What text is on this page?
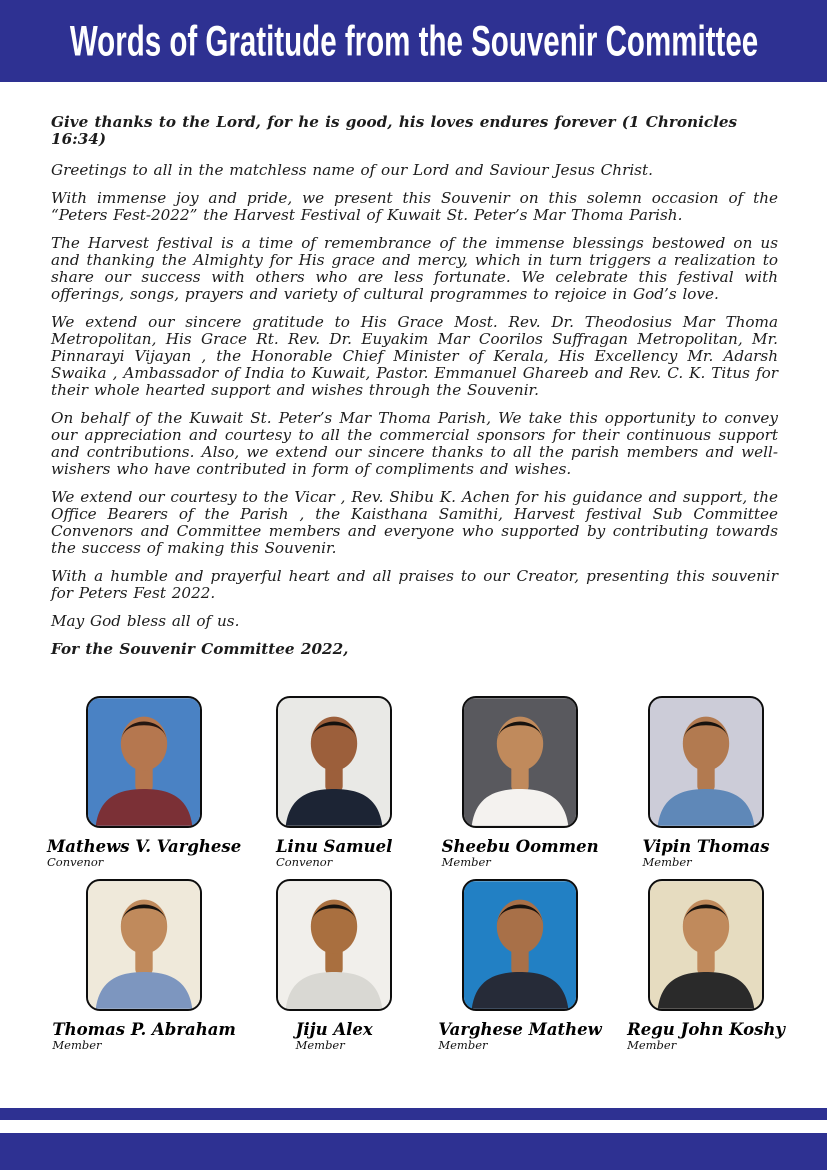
Words of Gratitude from the Souvenir Committee

Give thanks to the Lord, for he is good, his loves endures forever (1 Chronicles 16:34)

Greetings to all in the matchless name of our Lord and Saviour Jesus Christ.

With immense joy and pride, we present this Souvenir on this solemn occasion of the “Peters Fest-2022” the Harvest Festival of Kuwait St. Peter’s Mar Thoma Parish.

The Harvest festival is a time of remembrance of the immense blessings bestowed on us and thanking the Almighty for His grace and mercy, which in turn triggers a realization to share our success with others who are less fortunate. We celebrate this festival with offerings, songs, prayers and variety of cultural programmes to rejoice in God’s love.

We extend our sincere gratitude to His Grace Most. Rev. Dr. Theodosius Mar Thoma Metropolitan, His Grace Rt. Rev. Dr. Euyakim Mar Coorilos Suffragan Metropolitan, Mr. Pinnarayi Vijayan , the Honorable Chief Minister of Kerala, His Excellency Mr. Adarsh Swaika , Ambassador of India to Kuwait, Pastor. Emmanuel Ghareeb and Rev. C. K. Titus for their whole hearted support and wishes through the Souvenir.

On behalf of the Kuwait St. Peter’s Mar Thoma Parish, We take this opportunity to convey our appreciation and courtesy to all the commercial sponsors for their continuous support and contributions. Also, we extend our sincere thanks to all the parish members and well-wishers who have contributed in form of compliments and wishes.

We extend our courtesy to the Vicar , Rev. Shibu K. Achen for his guidance and support, the Office Bearers of the Parish , the Kaisthana Samithi, Harvest festival Sub Committee Convenors and Committee members and everyone who supported by contributing towards the success of making this Souvenir.

With a humble and prayerful heart and all praises to our Creator, presenting this souvenir for Peters Fest 2022.

May God bless all of us.

For the Souvenir Committee 2022,

Mathews V. Varghese
Convenor
Linu Samuel
Convenor
Sheebu Oommen
Member
Vipin Thomas
Member
Thomas P. Abraham
Member
Jiju Alex
Member
Varghese Mathew
Member
Regu John Koshy
Member
